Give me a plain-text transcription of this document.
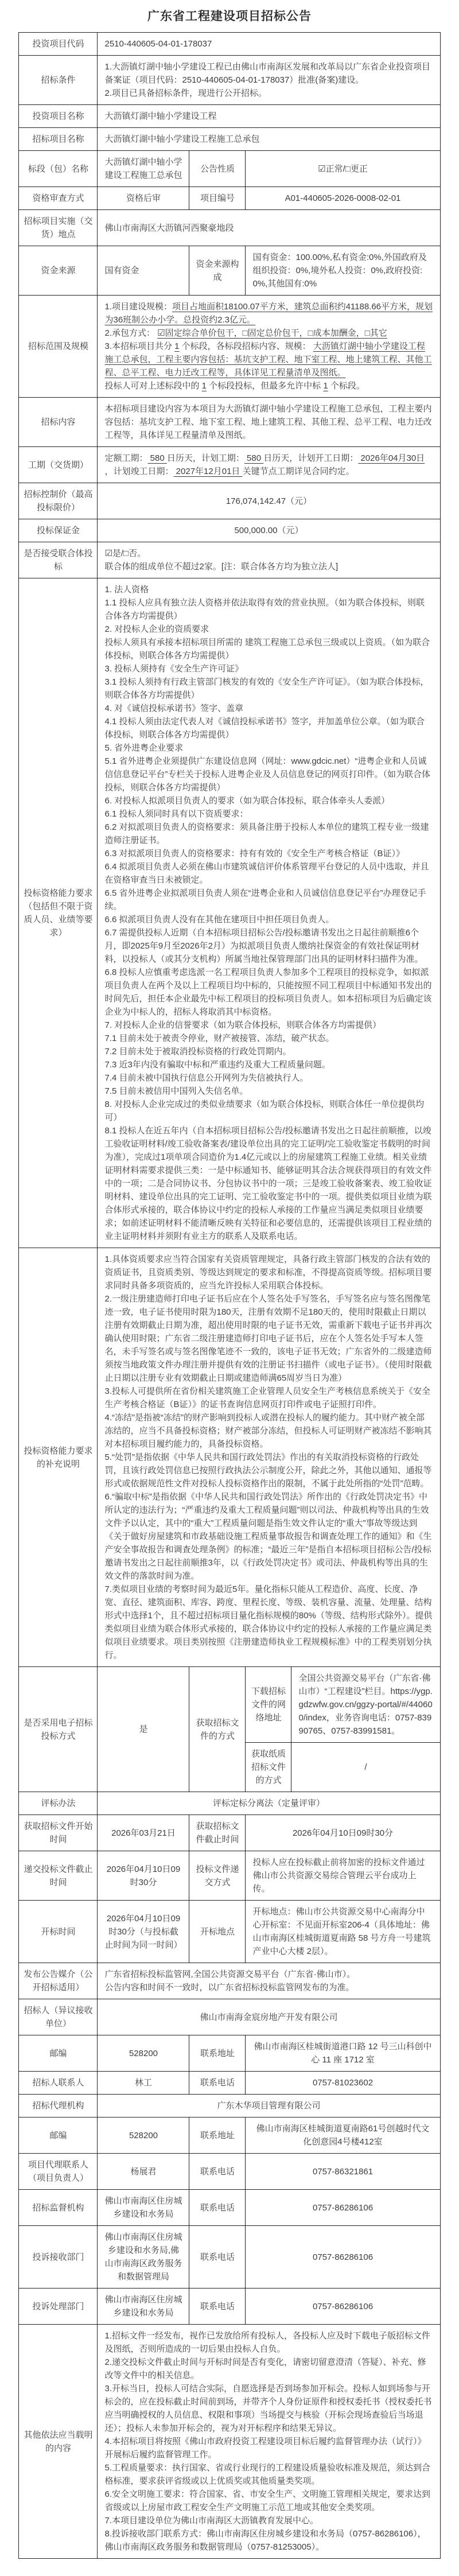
广东省工程建设项目招标公告
投资项目代码	2510-440605-04-01-178037			
招标条件	1.大沥镇灯湖中轴小学建设工程已由佛山市南海区发展和改革局以广东省企业投资项目备案证（项目代码：2510-440605-04-01-178037）批准(备案)建设。
2.项目已具备招标条件，现进行公开招标。			

投资项目名称	大沥镇灯湖中轴小学建设工程			
招标项目名称	大沥镇灯湖中轴小学建设工程施工总承包			
标段（包）名称	大沥镇灯湖中轴小学建设工程施工总承包	公告性质	☑正常/□更正	
资格审查方式	资格后审	项目编号	A01-440605-2026-0008-02-01	
招标项目实施（交货）地点	佛山市南海区大沥镇河西聚豪地段			
资金来源	国有资金	资金来源构成	国有资金：100.00%,私有资金:0%,外国政府及组织投资：0%,境外私人投资：0%,政府投资:0%,其他国有:0%	
招标范围及规模	1.项目建设规模：项目占地面积18100.07平方米，建筑总面积约41188.66平方米，规划为36班制公办小学。总投资约2.3亿元。
2.承包方式： ☑固定综合单价包干，□固定总价包干，□成本加酬金，□其它
3.本招标项目共分 1 个标段，各标段招标内容、规模： 大沥镇灯湖中轴小学建设工程施工总承包，工程主要内容包括：基坑支护工程、地下室工程、地上建筑工程、其他工程、总平工程、电力迁改工程等，具体详见工程量清单及图纸。
投标人可对上述标段中的 1 个标段投标，但最多允许中标 1 个标段。			

招标内容	本招标项目建设内容为本项目为大沥镇灯湖中轴小学建设工程施工总承包，工程主要内容包括：基坑支护工程、地下室工程、地上建筑工程、其他工程、总平工程、电力迁改工程等，具体详见工程量清单及图纸。			

工期（交货期）	定额工期： 580 日历天，计划工期： 580 日历天，计划开工日期： 2026年04月30日 ，计划竣工日期： 2027年12月01日 关键节点工期详见合同约定。			

招标控制价（最高投标限价）	176,074,142.47（元）			
投标保证金	500,000.00（元）			
是否接受联合体投标	☑是/□否。
联合体的组成单位不超过2家。[注：联合体各方均为独立法人]			

投标资格能力要求（包括但不限于资质人员、业绩等要求）	
1. 法人资格
1.1 投标人应具有独立法人资格并依法取得有效的营业执照。（如为联合体投标，则联合体各方均需提供）
2. 对投标人企业的资质要求
投标人须具有承接本招标项目所需的 建筑工程施工总承包三级或以上资质。（如为联合体投标，则联合体各方均需提供）
3. 投标人须持有《安全生产许可证》
3.1 投标人须持有行政主管部门核发的有效的《安全生产许可证》。（如为联合体投标，则联合体各方均需提供）
4. 对《诚信投标承诺书》签字、盖章
4.1 投标人须由法定代表人对《诚信投标承诺书》签字，并加盖单位公章。（如为联合体投标，则联合体各方均需提供）
5. 省外进粤企业要求
5.1 省外进粤企业须提供广东建设信息网（网址：www.gdcic.net）“进粤企业和人员诚信信息登记平台”专栏关于投标人进粤企业及人员信息登记的网页打印件。（如为联合体投标，则联合体各方均需提供）
6. 对投标人拟派项目负责人的要求（如为联合体投标，联合体牵头人委派）
6.1 投标人须同时具有以下资质要求：
6.2 对拟派项目负责人的资格要求：须具备注册于投标人本单位的建筑工程专业一级建造师注册证书。
6.3 对拟派项目负责人的资格要求：持有有效的《安全生产考核合格证（B证）》
6.4 拟派项目负责人必须在佛山市建筑诚信评价体系管理平台登记的人员中选取，并且在资格审查当日未被锁定。
6.5 省外进粤企业拟派项目负责人须在“进粤企业和人员诚信信息登记平台”办理登记手续。
6.6 拟派项目负责人没有在其他在建项目中担任项目负责人。
6.7 需提供投标人近期（自本招标项目招标公告/投标邀请书发出之日起往前顺推6个月，即2025年9月至2026年2月）为拟派项目负责人缴纳社保资金的有效社保证明材料，以投标人（或其分支机构）所属当地社保管理部门出具的证明材料扫描件为准。
6.8 投标人应慎重考虑选派一名工程项目负责人参加多个工程项目的投标竞争，如拟派项目负责人在两个及以上工程项目均中标的，只能按照不同工程项目中标通知书发出的时间先后，担任本企业最先中标工程项目的投标项目负责人。如本招标项目为后确定该企业为中标人的，招标人将取消其中标资格。
7. 对投标人企业的信誉要求（如为联合体投标，则联合体各方均需提供）
7.1 目前未处于被责令停业，财产被接管、冻结，破产状态。
7.2 目前未处于被取消投标资格的行政处罚期内。
7.3 近3年内没有骗取中标和严重违约及重大工程质量问题。
7.4 目前未被中国执行信息公开网列为失信被执行人。
7.5 目前未被信用中国列入失信名单。
8. 对投标人企业完成过的类似业绩要求（如为联合体投标，则联合体任一单位提供均可）
8.1 投标人在近五年内（自本招标项目招标公告/投标邀请书发出之日起往前顺推，以竣工验收证明材料/竣工验收备案表/建设单位出具的完工证明/完工验收鉴定书载明的时间为准），完成过1项单项合同造价为1.4亿元或以上的房屋建筑工程施工业绩。相关业绩证明材料需要求提供三类：一是中标通知书、能够证明其合法合规获得项目的有效文件中的一项；二是合同协议书、分包协议书中的一项；三是竣工验收备案表、竣工验收证明材料、建设单位出具的完工证明、完工验收鉴定书中的一项。提供类似项目业绩为联合体形式承接的，联合体协议中约定的投标人承接的工作量应当满足类似项目业绩要求；如前述证明材料不能清晰反映有关特征和必要信息的，还需提供该项目工程业绩的业主证明材料并须附有业主方的联系人及联系电话。

投标资格能力要求的补充说明	
1.具体资质要求应当符合国家有关资质管理规定，具备行政主管部门核发的合法有效的资质证书，且资质类别、等级达到规定的要求和标准，不得提高资质等级。招标项目要求同时具备多项资质的，应当允许投标人采用联合体投标。
2.一级注册建造师打印电子证书后应在个人签名处手写签名，手写签名应与签名图像笔迹一致，电子证书使用时限为180天，注册有效期不足180天的，使用时限截止日期以注册有效期截止日期为准，超出使用时限的电子证书无效，需重新下载电子证书并再次确认使用时限；广东省二级注册建造师打印电子证书后，应在个人签名处手写本人签名，未手写签名或与签名图像笔迹不一致的，该电子证书无效；广东省外的二级建造师须按当地政策文件办理注册并提供有效的注册证书扫描件（或电子证书）。（使用时限截止日期以注册专业有效期截止日期或建造师满65周岁当日为准）
3.投标人可提供所在省份相关建筑施工企业管理人员安全生产考核信息系统关于《安全生产考核合格证（B证）》的证书查询信息网页打印件或电子证照打印件。
4.“冻结”是指被“冻结”的财产影响到投标人或潜在投标人的履约能力。其中财产被全部冻结的，应当不具备投标资格；财产被部分冻结，但投标人可证明财产被冻结不影响其对本招标项目履约能力的，具备投标资格。
5.“处罚”是指依据《中华人民共和国行政处罚法》作出的有关取消投标资格的行政处罚，且该行政处罚信息已按照行政执法公示制度公开，除此之外，其他以通知、通报等形式或依据规范性文件对投标人投标资格作出的限制，不属于此处所指的“处罚”范畴。
6.“骗取中标”是指依据《中华人民共和国行政处罚法》所作出的《行政处罚决定书》中所认定的违法行为；“严重违约及重大工程质量问题”则以司法、仲裁机构等出具的生效文件予以认定，其中的“重大”工程质量问题是指生效文件认定的“重大”事故等级达到《关于做好房屋建筑和市政基础设施工程质量事故报告和调查处理工作的通知》和《生产安全事故报告和调查处理条例》的标准；“最近三年”是指自本招标项目招标公告/投标邀请书发出之日起往前顺推3年，以《行政处罚决定书》或司法、仲裁机构等出具的生效文件的落款时间为准。
7.类似项目业绩的考察时间为最近5年。量化指标只能从工程造价、高度、长度、净宽、直径、建筑面积、库容、跨度、里程长度、等级、装机容量、流量、处理量、结构形式中选择1个，且不超过招标项目量化指标规模的80%（等级、结构形式除外）。提供类似项目业绩为联合体形式承接的，联合体协议中约定的投标人承接的工作量应满足类似项目业绩要求。项目类别按照《注册建造师执业工程规模标准》中的工程类别划分执行。

是否采用电子招标投标方式	是	获取招标文件的方式	下载招标文件的网络地址	全国公共资源交易平台（广东省·佛山市）“工程建设”栏目。https://ygp.gdzwfw.gov.cn/ggzy-portal/#/440600/index，业务咨询电话：0757-83990765、0757-83991581。
			获取纸质招标文件的方式	/
评标办法	评标定标分离法（定量评审）			
获取招标文件开始时间	2026年03月21日	获取招标文件截止时间	2026年04月10日09时30分	
递交投标文件截止时间	2026年04月10日09时30分	投标文件递交方式	投标人应在投标截止前将加密的投标文件通过佛山市公共资源交易综合管理云平台成功上传。	
开标时间	2026年04月10日09时30分（与投标截止时间为同一时间）	开标地点	开标地点：佛山市公共资源交易中心南海分中心开标室：不见面开标室206-4（具体地址：佛山市南海区桂城街道夏南路 58 号方舟一号建筑产业中心大楼 2层）。	
发布公告媒介（公开招标适用）	广东省招标投标监管网,全国公共资源交易平台（广东省·佛山市）。
公告内容和时间不一致时，以广东省招标投标监管网发布的为准。			

招标人（异议接收单位）	佛山市南海金宸房地产开发有限公司			
邮编	528200	联系地址	佛山市南海区桂城街道港口路 12 号三山科创中心 11 座 1712 室	
招标人联系人	林工	联系电话	0757-81023602	
招标代理机构	广东木华项目管理有限公司			
邮编	528200	联系地址	佛山市南海区桂城街道夏南路61号创越时代文化创意园4号楼412室	
项目代理联系人（项目负责人）	杨展君	联系电话	0757-86321861	
招标监督机构	佛山市南海区住房城乡建设和水务局	联系电话	0757-86286106	
投诉接收部门	佛山市南海区住房城乡建设和水务局,佛山市南海区政务服务和数据管理局	联系电话	0757-86286106	
投诉处理部门	佛山市南海区住房城乡建设和水务局	联系电话	0757-86286106	
其他依法应当载明的内容	
1.招标文件一经发布，视作已发放给所有投标人，各投标人应及时下载电子版招标文件及图纸，否则所造成的一切后果由投标人自负。
2.递交投标文件截止时间与开标时间是否有变化，请密切留意澄清（答疑）、补充、修改等文件中的相关信息。
3.开标当日，投标人可结合实际，自愿选择是否到场参加开标会。投标人如到场参与开标会的，应在投标截止时间前到场，并带齐个人身份证原件和授权委托书（授权委托书应当明确授权的人员信息、权限和事项）当场提交与核验（开标会现场查验后当场退还）；投标人未参加开标会的，视为对开标程序和结果无异议。
4.本招标项目将按照《佛山市政府投资工程建设项目标后履约监督管理办法（试行）》开展标后履约监督管理工作。
5.工程质量要求：执行国家、省或行业现行的工程建设质量验收标准及规范，须达到合格标准，要求获评省级或以上优质奖或其他质量类奖项。
6.安全文明施工要求：符合国家、省、市安全生产、文明施工管理相关规定，要求达到省级或以上房屋市政工程安全生产文明施工示范工地或其他安全类奖项。
7.本项目建设单位为佛山市南海区大沥镇教育发展中心。
8.投诉接收部门联系方式：佛山市南海区住房城乡建设和水务局（0757-86286106），佛山市南海区政务服务和数据管理局（0757-81253005）。
